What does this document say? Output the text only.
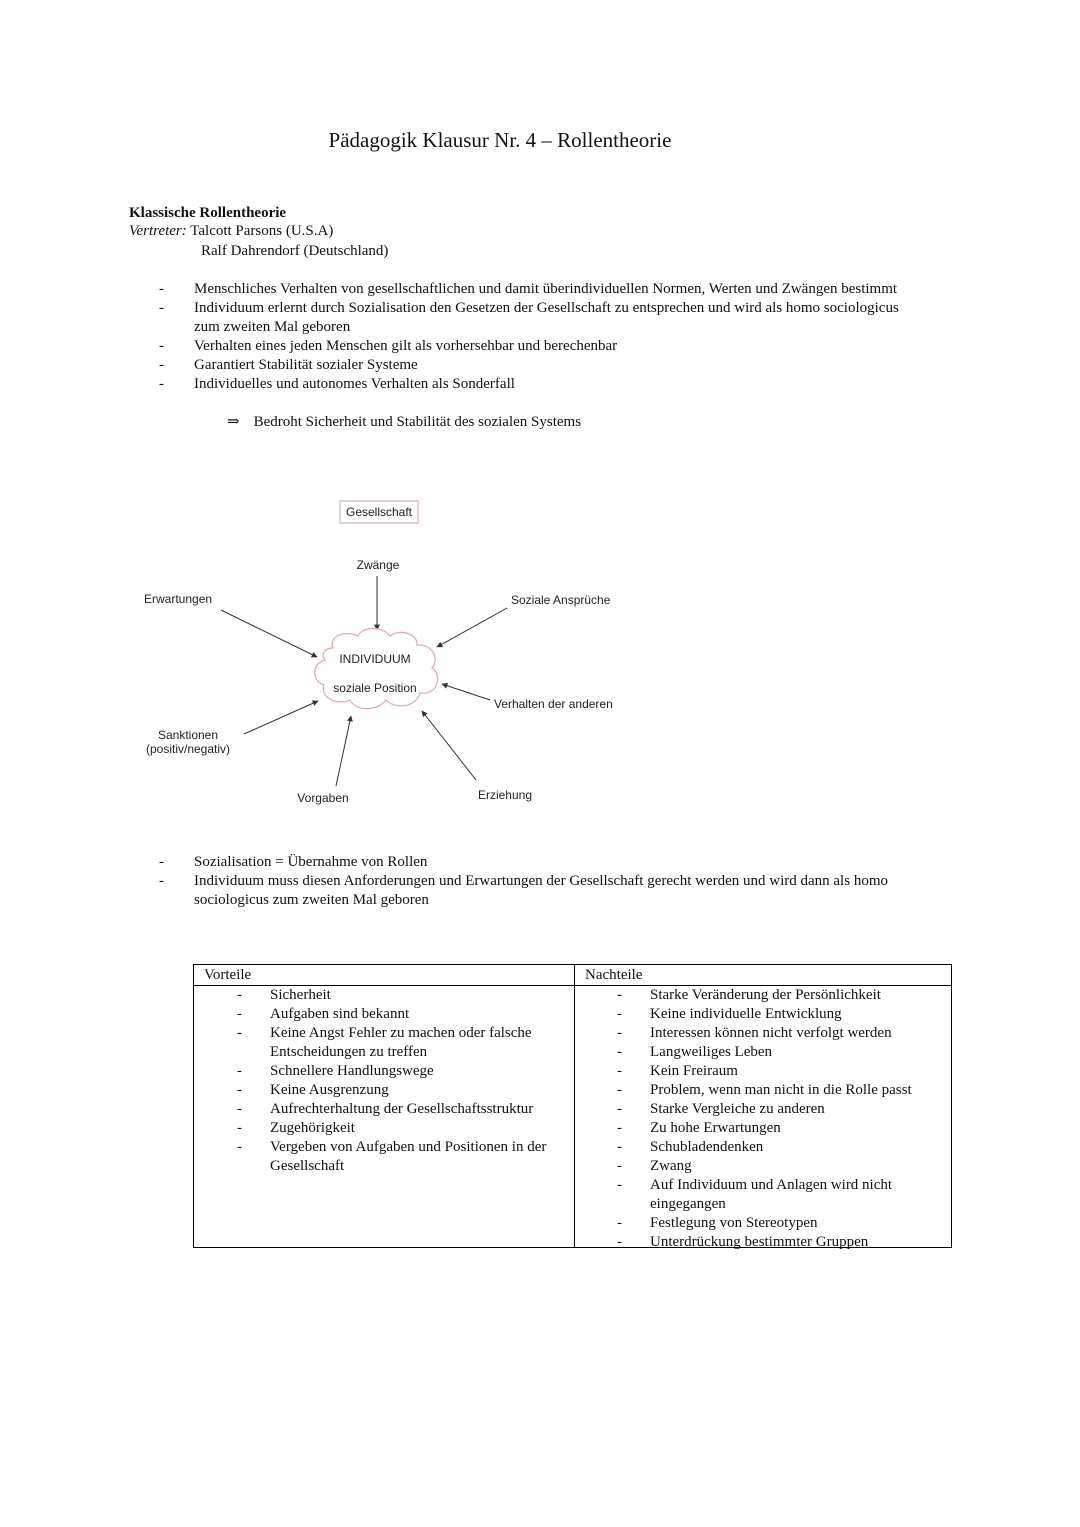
Pädagogik Klausur Nr. 4 – Rollentheorie
Klassische Rollentheorie
Vertreter: Talcott Parsons (U.S.A)
Ralf Dahrendorf (Deutschland)
- Menschliches Verhalten von gesellschaftlichen und damit überindividuellen Normen, Werten und Zwängen bestimmt
- Individuum erlernt durch Sozialisation den Gesetzen der Gesellschaft zu entsprechen und wird als homo sociologicus zum zweiten Mal geboren
- Verhalten eines jeden Menschen gilt als vorhersehbar und berechenbar
- Garantiert Stabilität sozialer Systeme
- Individuelles und autonomes Verhalten als Sonderfall
⇒ Bedroht Sicherheit und Stabilität des sozialen Systems
Gesellschaft
Zwänge
Erwartungen	Soziale Ansprüche
INDIVIDUUM
soziale Position
Verhalten der anderen
Sanktionen
(positiv/negativ)
Vorgaben	Erziehung
- Sozialisation = Übernahme von Rollen
- Individuum muss diesen Anforderungen und Erwartungen der Gesellschaft gerecht werden und wird dann als homo sociologicus zum zweiten Mal geboren
Vorteile
- Sicherheit
- Aufgaben sind bekannt
- Keine Angst Fehler zu machen oder falsche Entscheidungen zu treffen
- Schnellere Handlungswege
- Keine Ausgrenzung
- Aufrechterhaltung der Gesellschaftsstruktur
- Zugehörigkeit
- Vergeben von Aufgaben und Positionen in der Gesellschaft
Nachteile
- Starke Veränderung der Persönlichkeit
- Keine individuelle Entwicklung
- Interessen können nicht verfolgt werden
- Langweiliges Leben
- Kein Freiraum
- Problem, wenn man nicht in die Rolle passt
- Starke Vergleiche zu anderen
- Zu hohe Erwartungen
- Schubladendenken
- Zwang
- Auf Individuum und Anlagen wird nicht eingegangen
- Festlegung von Stereotypen
- Unterdrückung bestimmter Gruppen
